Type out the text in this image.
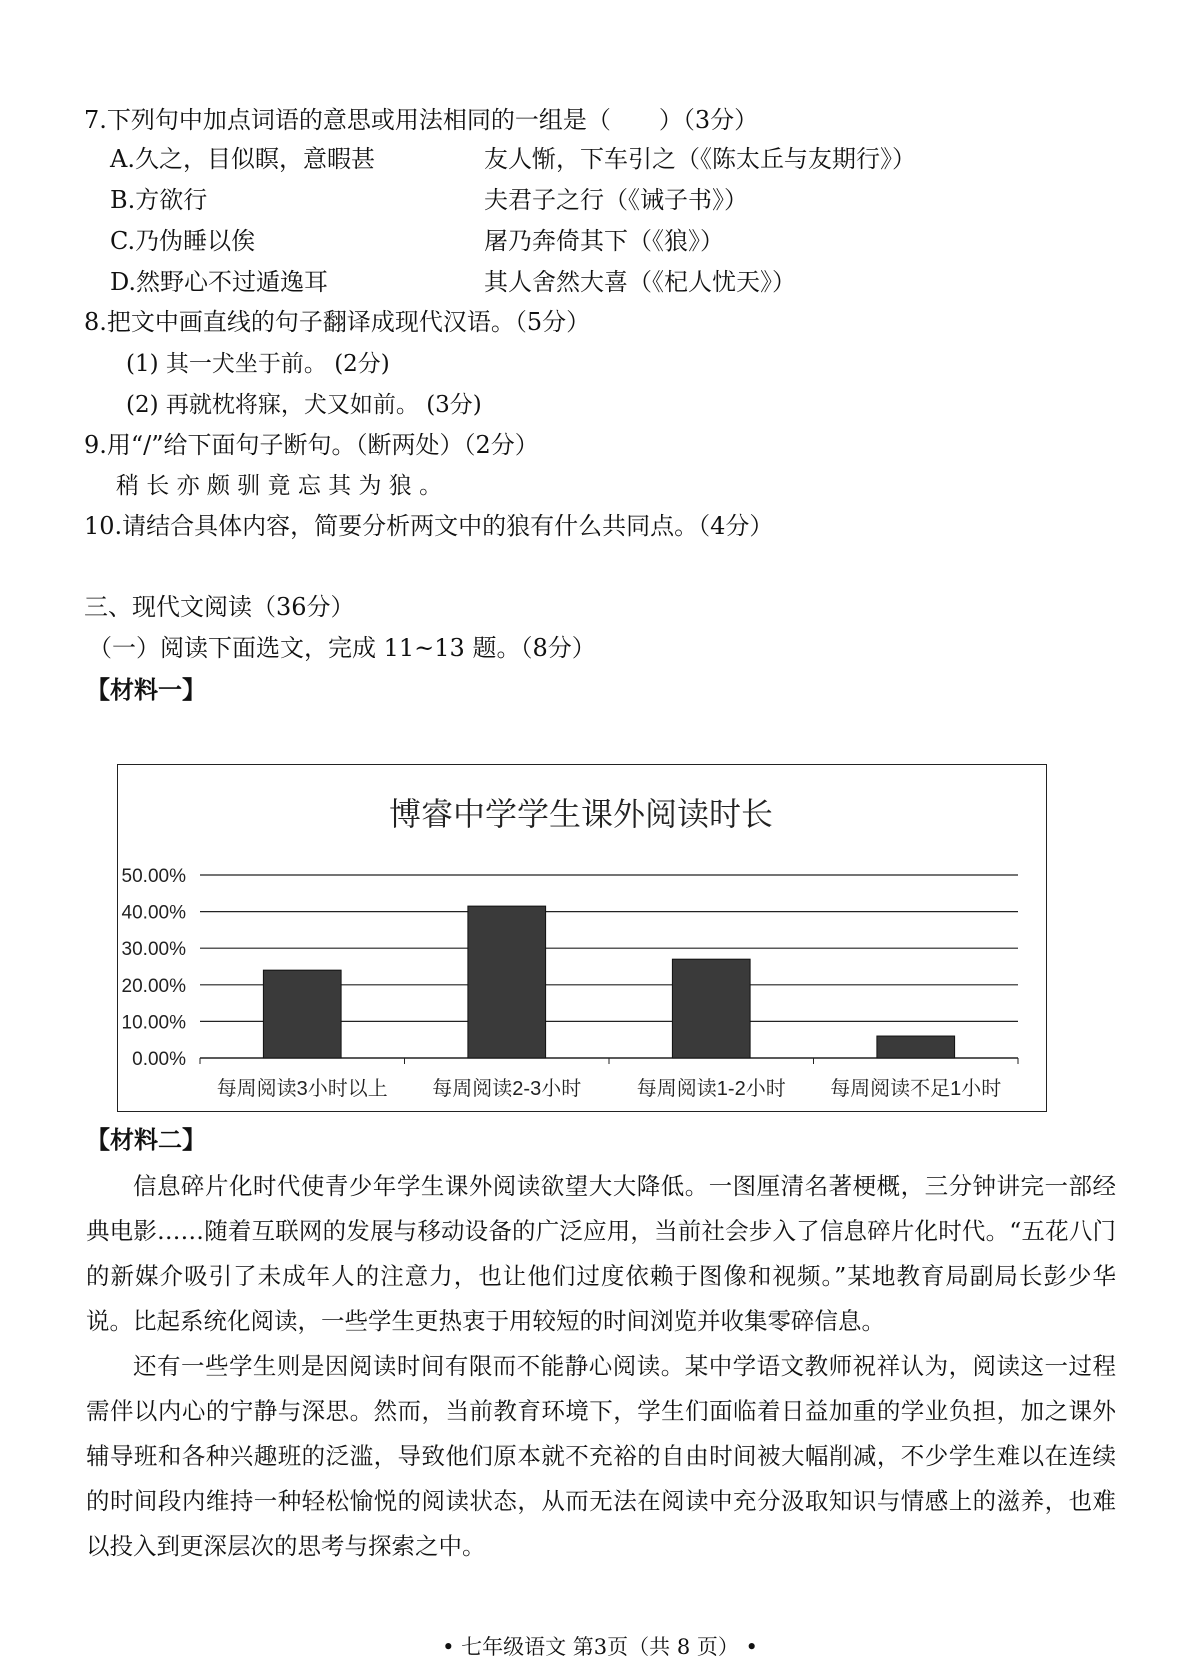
7.下列句中加点词语的意思或用法相同的一组是（　　）（3分）
A.久之，目似瞑，意暇甚	友人惭，下车引之（《陈太丘与友期行》）
B.方欲行	夫君子之行（《诫子书》）
C.乃伪睡以俟	屠乃奔倚其下（《狼》）
D.然野心不过遁逸耳	其人舍然大喜（《杞人忧天》）
8.把文中画直线的句子翻译成现代汉语。（5分）
(1) 其一犬坐于前。 (2分)
(2) 再就枕将寐，犬又如前。 (3分)
9.用“/”给下面句子断句。（断两处）（2分）
稍 长 亦 颇 驯 竟 忘 其 为 狼 。
10.请结合具体内容，简要分析两文中的狼有什么共同点。（4分）
三、现代文阅读（36分）
（一）阅读下面选文，完成 11~13 题。（8分）
【材料一】
博睿中学学生课外阅读时长
0.00%
10.00%
20.00%
30.00%
40.00%
50.00%
每周阅读3小时以上 每周阅读2-3小时	每周阅读1-2小时 每周阅读不足1小时
【材料二】

信息碎片化时代使青少年学生课外阅读欲望大大降低。一图厘清名著梗概，三分钟讲完一部经典电影……随着互联网的发展与移动设备的广泛应用，当前社会步入了信息碎片化时代。“五花八门的新媒介吸引了未成年人的注意力，也让他们过度依赖于图像和视频。”某地教育局副局长彭少华说。比起系统化阅读，一些学生更热衷于用较短的时间浏览并收集零碎信息。

还有一些学生则是因阅读时间有限而不能静心阅读。某中学语文教师祝祥认为，阅读这一过程需伴以内心的宁静与深思。然而，当前教育环境下，学生们面临着日益加重的学业负担，加之课外辅导班和各种兴趣班的泛滥，导致他们原本就不充裕的自由时间被大幅削减，不少学生难以在连续的时间段内维持一种轻松愉悦的阅读状态，从而无法在阅读中充分汲取知识与情感上的滋养，也难以投入到更深层次的思考与探索之中。

• 七年级语文 第3页（共 8 页） •
